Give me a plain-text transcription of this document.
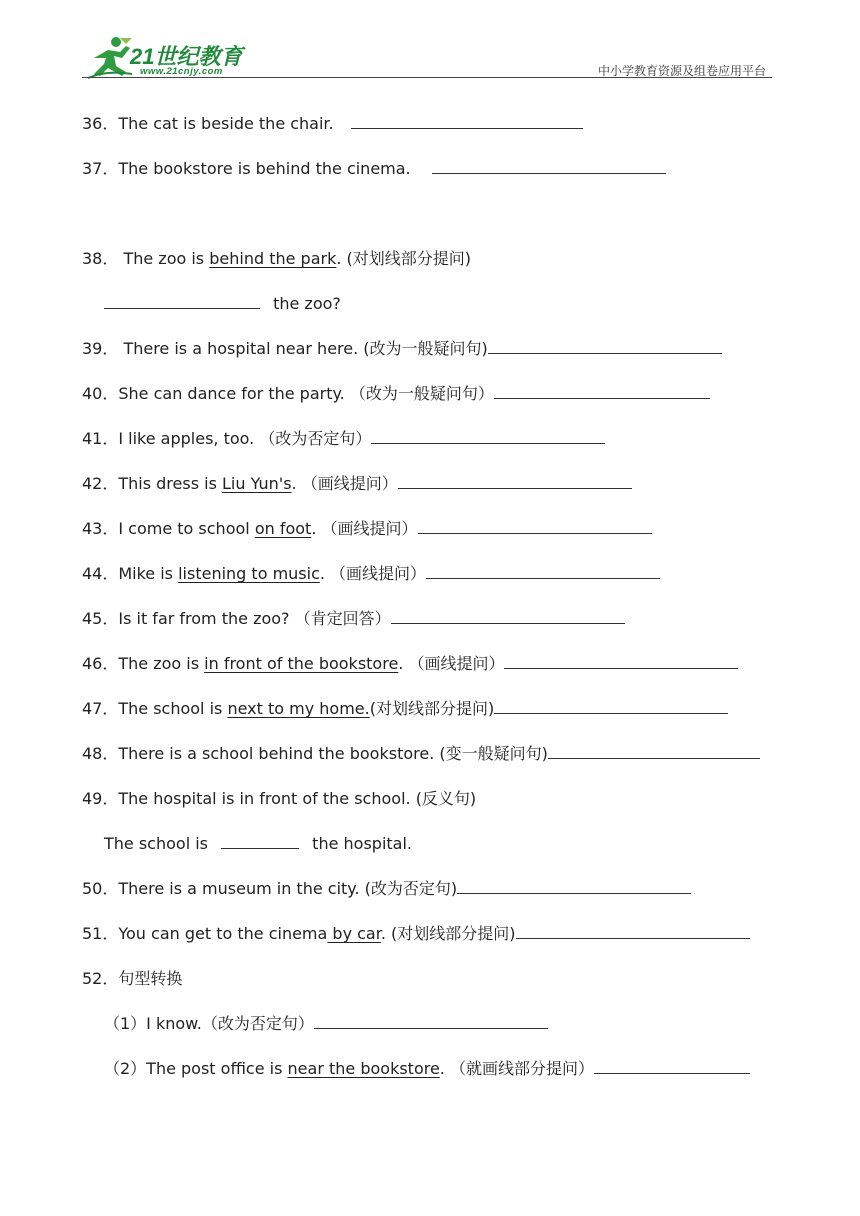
21世纪教育
www.21cnjy.com	中小学教育资源及组卷应用平台
36．The cat is beside the chair.
37．The bookstore is behind the cinema.
38． The zoo is behind the park. (对划线部分提问)
the zoo?
39． There is a hospital near here. (改为一般疑问句)
40．She can dance for the party. （改为一般疑问句）
41．I like apples, too. （改为否定句）
42．This dress is Liu Yun's. （画线提问）
43．I come to school on foot. （画线提问）
44．Mike is listening to music. （画线提问）
45．Is it far from the zoo? （肯定回答）
46．The zoo is in front of the bookstore. （画线提问）
47．The school is next to my home.(对划线部分提问)
48．There is a school behind the bookstore. (变一般疑问句)
49．The hospital is in front of the school. (反义句)
The school is	the hospital.
50．There is a museum in the city. (改为否定句)
51．You can get to the cinema by car. (对划线部分提问)
52．句型转换
（1）I know.（改为否定句）
（2）The post office is near the bookstore. （就画线部分提问）
